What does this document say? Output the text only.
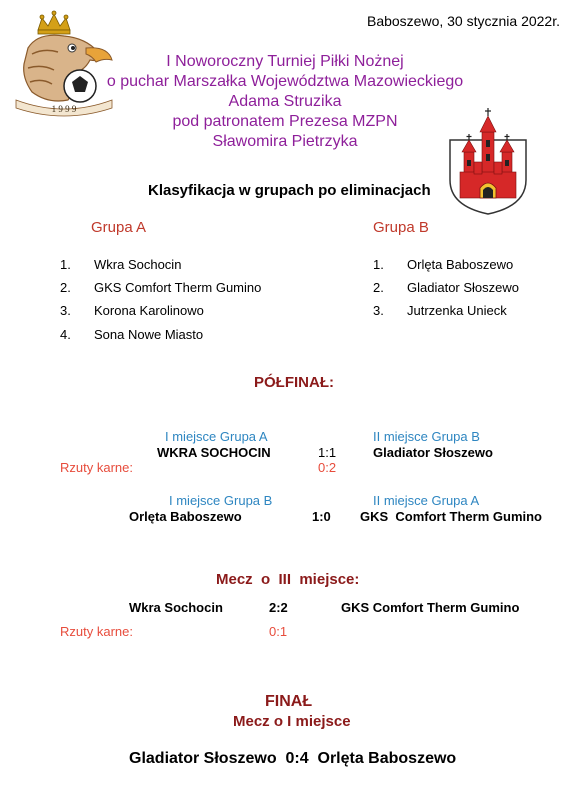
Baboszewo, 30 stycznia 2022r.
1 9 9 9
I Noworoczny Turniej Piłki Nożnej
o puchar Marszałka Województwa Mazowieckiego
Adama Struzika
pod patronatem Prezesa MZPN
Sławomira Pietrzyka
Klasyfikacja w grupach po eliminacjach
Grupa A
1. Wkra Sochocin
2. GKS Comfort Therm Gumino
3. Korona Karolinowo
4. Sona Nowe Miasto
Grupa B
1. Orlęta Baboszewo
2. Gladiator Słoszewo
3. Jutrzenka Unieck
PÓŁFINAŁ:
I miejsce Grupa A	II miejsce Grupa B
WKRA SOCHOCIN	1:1	Gladiator Słoszewo
Rzuty karne:	0:2
I miejsce Grupa B	II miejsce Grupa A
Orlęta Baboszewo	1:0 GKS  Comfort Therm Gumino
Mecz  o  III  miejsce:
Wkra Sochocin	2:2	GKS Comfort Therm Gumino
Rzuty karne:	0:1
FINAŁ
Mecz o I miejsce
Gladiator Słoszewo  0:4  Orlęta Baboszewo
